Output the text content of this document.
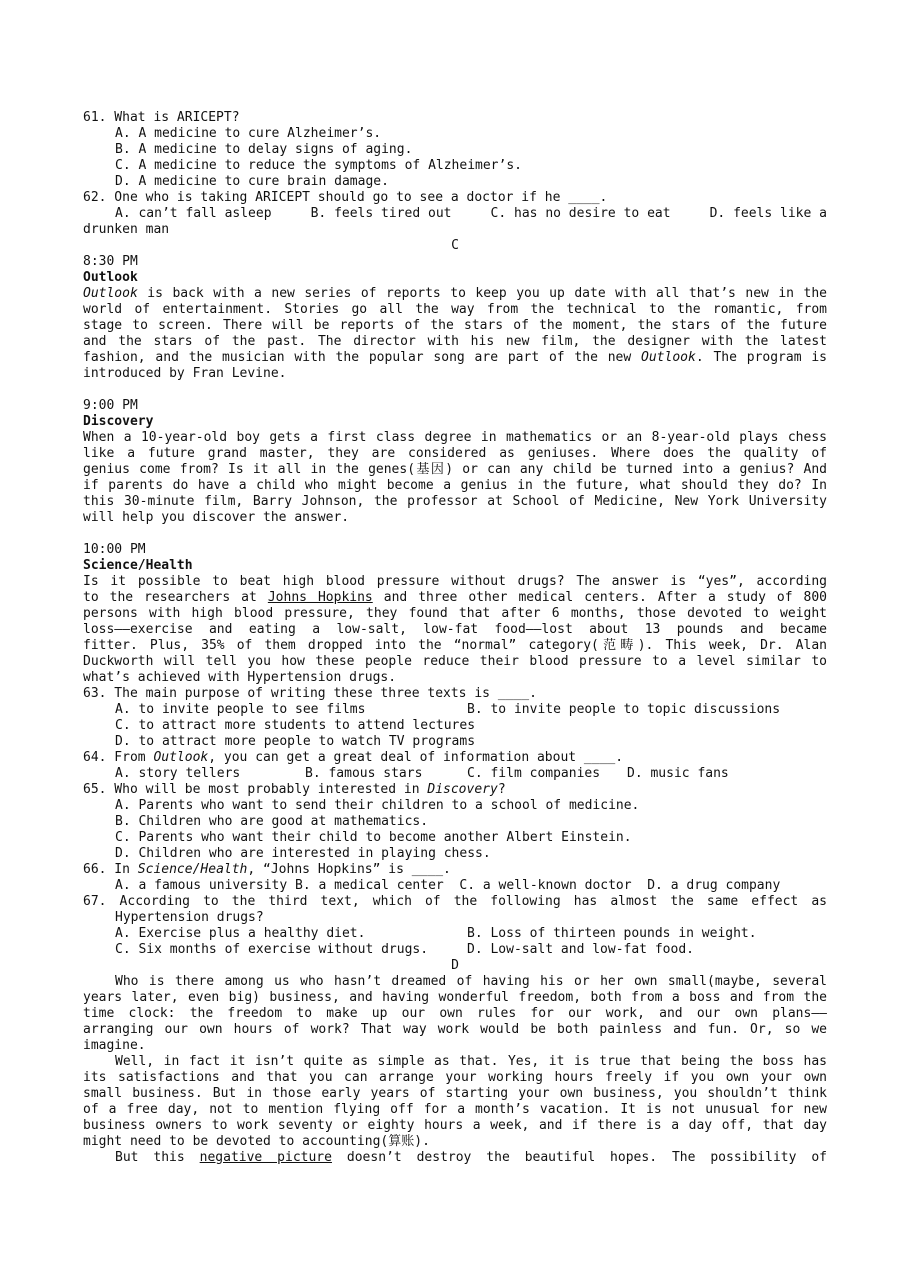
61. What is ARICEPT?
A. A medicine to cure Alzheimer’s.
B. A medicine to delay signs of aging.
C. A medicine to reduce the symptoms of Alzheimer’s.
D. A medicine to cure brain damage.
62. One who is taking ARICEPT should go to see a doctor if he ____.
A. can’t fall asleep	B. feels tired out	C. has no desire to eat	D. feels like a
drunken man
C
8:30 PM
Outlook
Outlook is back with a new series of reports to keep you up date with all that’s new in the
world of entertainment. Stories go all the way from the technical to the romantic, from
stage to screen. There will be reports of the stars of the moment, the stars of the future
and the stars of the past. The director with his new film, the designer with the latest
fashion, and the musician with the popular song are part of the new Outlook. The program is
introduced by Fran Levine.
9:00 PM
Discovery
When a 10-year-old boy gets a first class degree in mathematics or an 8-year-old plays chess
like a future grand master, they are considered as geniuses. Where does the quality of
genius come from? Is it all in the genes(基因) or can any child be turned into a genius? And
if parents do have a child who might become a genius in the future, what should they do? In
this 30-minute film, Barry Johnson, the professor at School of Medicine, New York University
will help you discover the answer.
10:00 PM
Science/Health
Is it possible to beat high blood pressure without drugs? The answer is “yes”, according
to the researchers at Johns Hopkins and three other medical centers. After a study of 800
persons with high blood pressure, they found that after 6 months, those devoted to weight
loss——exercise and eating a low-salt, low-fat food——lost about 13 pounds and became
fitter. Plus, 35% of them dropped into the “normal” category(范畴). This week, Dr. Alan
Duckworth will tell you how these people reduce their blood pressure to a level similar to
what’s achieved with Hypertension drugs.
63. The main purpose of writing these three texts is ____.
A. to invite people to see films	B. to invite people to topic discussions
C. to attract more students to attend lectures
D. to attract more people to watch TV programs
64. From Outlook, you can get a great deal of information about ____.
A. story tellers	B. famous stars	C. film companies	D. music fans
65. Who will be most probably interested in Discovery?
A. Parents who want to send their children to a school of medicine.
B. Children who are good at mathematics.
C. Parents who want their child to become another Albert Einstein.
D. Children who are interested in playing chess.
66. In Science/Health, “Johns Hopkins” is ____.
A. a famous university B. a medical center C. a well-known doctor D. a drug company
67. According to the third text, which of the following has almost the same effect as
Hypertension drugs?
A. Exercise plus a healthy diet.	B. Loss of thirteen pounds in weight.
C. Six months of exercise without drugs.	D. Low-salt and low-fat food.
D
Who is there among us who hasn’t dreamed of having his or her own small(maybe, several
years later, even big) business, and having wonderful freedom, both from a boss and from the
time clock: the freedom to make up our own rules for our work, and our own plans——
arranging our own hours of work? That way work would be both painless and fun. Or, so we
imagine.
Well, in fact it isn’t quite as simple as that. Yes, it is true that being the boss has
its satisfactions and that you can arrange your working hours freely if you own your own
small business. But in those early years of starting your own business, you shouldn’t think
of a free day, not to mention flying off for a month’s vacation. It is not unusual for new
business owners to work seventy or eighty hours a week, and if there is a day off, that day
might need to be devoted to accounting(算账).
But this negative picture doesn’t destroy the beautiful hopes. The possibility of
